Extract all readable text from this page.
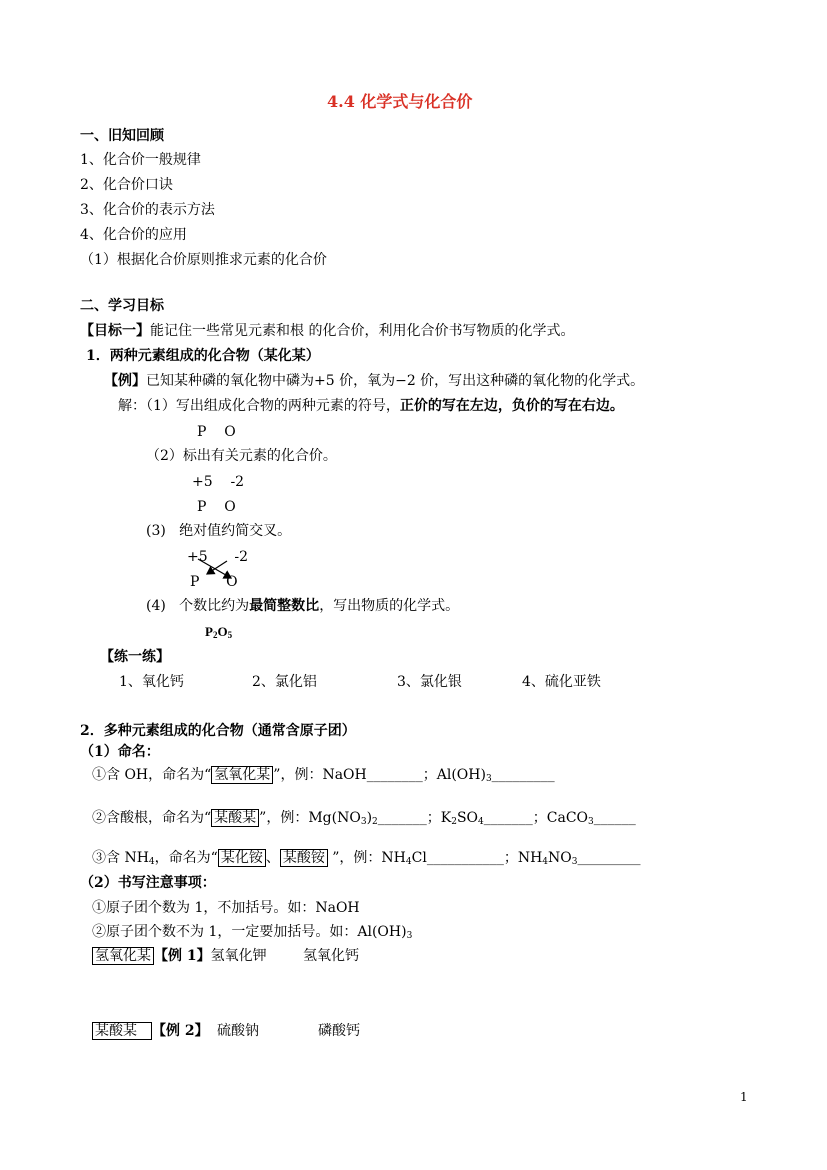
4.4 化学式与化合价
一、旧知回顾
1、化合价一般规律
2、化合价口诀
3、化合价的表示方法
4、化合价的应用
（1）根据化合价原则推求元素的化合价
二、学习目标
【目标一】能记住一些常见元素和根 的化合价，利用化合价书写物质的化学式。
1．两种元素组成的化合物（某化某）
【例】已知某种磷的氧化物中磷为+5 价，氧为−2 价，写出这种磷的氧化物的化学式。
解：（1）写出组成化合物的两种元素的符号，正价的写在左边，负价的写在右边。
P    O
（2）标出有关元素的化合价。
+5    -2
P    O
(3)   绝对值约简交叉。
+5      -2
P      O
(4)   个数比约为最简整数比，写出物质的化学式。
$P_2O_5$
【练一练】
1、氧化钙	2、氯化铝	3、氯化银	4、硫化亚铁
2．多种元素组成的化合物（通常含原子团）
（1）命名：
①含 OH，命名为“ 氢氧化某 ”，例：NaOH________；$Al(OH)_3\_\_\_\_\_\_\_\_\_$
②含酸根，命名为“ 某酸某 ”，例：$Mg(NO_3)_2\_\_\_\_\_\_\_$；$K_2SO_4\_\_\_\_\_\_\_$；CaCO$_3$______
③含 $NH_4$，命名为“ 某化铵 、 某酸铵 ”，例：$NH_4Cl\_\_\_\_\_\_\_\_\_\_\_$；$NH_4NO_3\_\_\_\_\_\_\_\_\_$
（2）书写注意事项：
①原子团个数为 1，不加括号。如：NaOH
②原子团个数不为 1，一定要加括号。如：$Al(OH)_3$
氢氧化某 【例 1】氢氧化钾	氢氧化钙
某酸某 【例 2】 硫酸钠	磷酸钙
1
